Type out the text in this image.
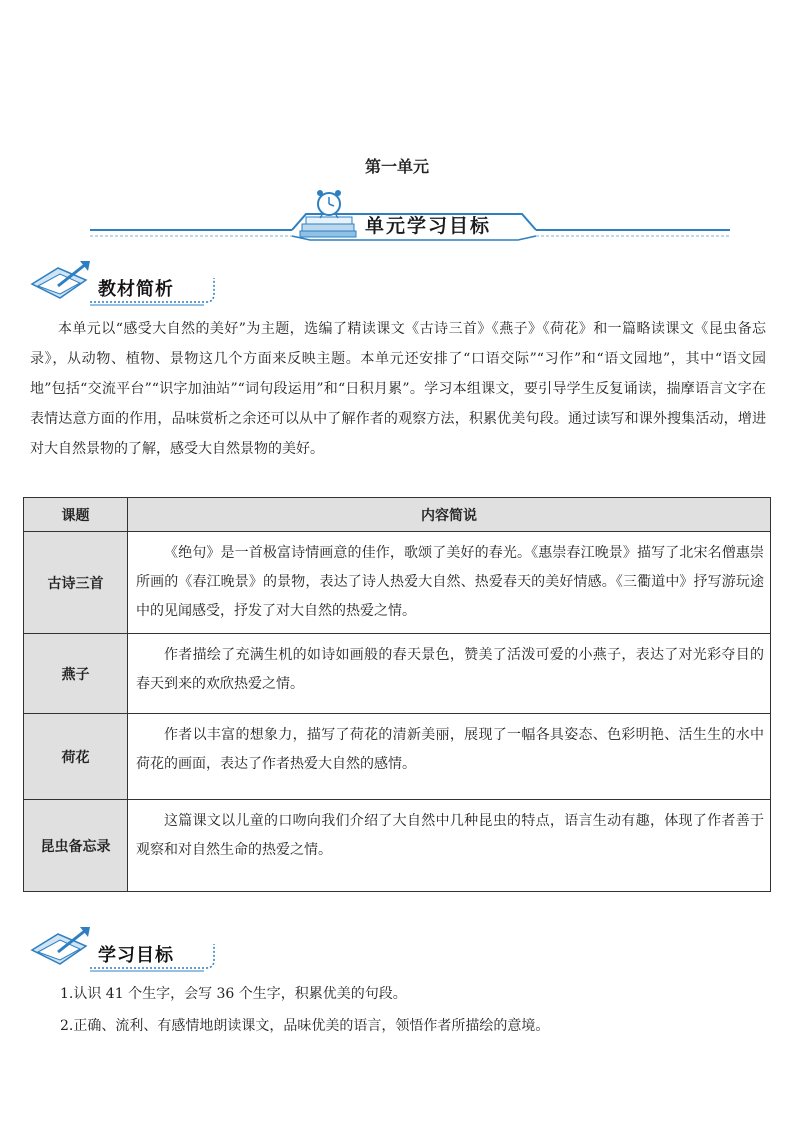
第一单元
单元学习目标
教材简析
本单元以“感受大自然的美好”为主题，选编了精读课文《古诗三首》《燕子》《荷花》和一篇略读课文《昆虫备忘录》，从动物、植物、景物这几个方面来反映主题。本单元还安排了“口语交际”“习作”和“语文园地”，其中“语文园地”包括“交流平台”“识字加油站”“词句段运用”和“日积月累”。学习本组课文，要引导学生反复诵读，揣摩语言文字在表情达意方面的作用，品味赏析之余还可以从中了解作者的观察方法，积累优美句段。通过读写和课外搜集活动，增进对大自然景物的了解，感受大自然景物的美好。
课题	内容简说
古诗三首	《绝句》是一首极富诗情画意的佳作，歌颂了美好的春光。《惠崇春江晚景》描写了北宋名僧惠崇所画的《春江晚景》的景物，表达了诗人热爱大自然、热爱春天的美好情感。《三衢道中》抒写游玩途中的见闻感受，抒发了对大自然的热爱之情。
燕子	作者描绘了充满生机的如诗如画般的春天景色，赞美了活泼可爱的小燕子，表达了对光彩夺目的春天到来的欢欣热爱之情。
荷花	作者以丰富的想象力，描写了荷花的清新美丽，展现了一幅各具姿态、色彩明艳、活生生的水中荷花的画面，表达了作者热爱大自然的感情。
昆虫备忘录	这篇课文以儿童的口吻向我们介绍了大自然中几种昆虫的特点，语言生动有趣，体现了作者善于观察和对自然生命的热爱之情。
学习目标
1.认识 41 个生字，会写 36 个生字，积累优美的句段。
2.正确、流利、有感情地朗读课文，品味优美的语言，领悟作者所描绘的意境。
